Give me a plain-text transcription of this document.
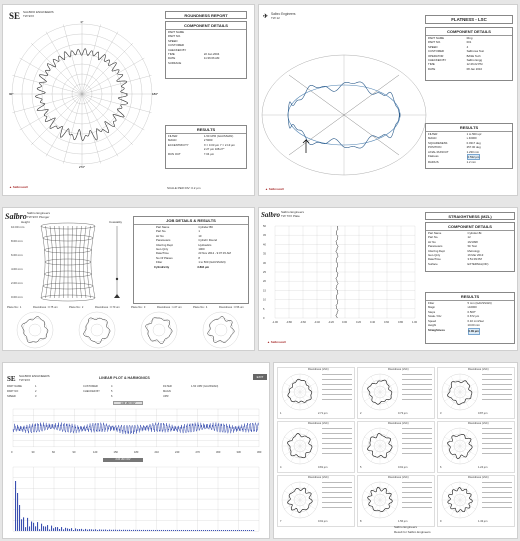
SE SALBRO ENGINEERS
TW 9XX
0°
90°	180°
270°
ROUNDNESS REPORT
COMPONENT DETAILS
PART NAME
PART NO.
SPEED
CUSTOMER
CHECKED BY
TIME	22 Jan 2004
DATE	11:36:06 AM
SURFACE
RESULTS
FILTER	1-50 UPR (GAUSSIAN)
MAGN	2 5000
ECCENTRICITY	X = 0.03 µm Y = 2.13 µm
2.27 µm 108.27°
RUN OUT	7.04 µm
SCALE PER DIV: 0.2 µm
▲ Salbrowell
✈ Salbro Engineers
TW 12	FLATNESS - LSC
COMPONENT DETAILS
PART NAME	Ring
PART NO.	001
SPEED	4
CUSTOMER	Salbrows Test
OPERATOR	BASE Tech
CHECKED BY	Salbro Engg
TIME	12:46:22 PM
DATE	08 Jan 2010
RESULTS
FILTER	1 to 500 upr
MAGN	x 40000
SQUARENESS	0.0317 deg
POSITION	257.00 deg
AXIAL RUNOUT	1.230 mm
Flatness	0.532 µm
RADIUS	1.2 mm
▲ Salbrowell
Salbro Salbro Engineers
TW 9XX Plunger
Height	Coaxiality
10.00 mm
8.00 mm
6.00 mm
4.00 mm
2.00 mm
0.00 mm
JOB DETAILS & RESULTS
Part Name	Cylinder BK
Part No.	1
Hz No	10
Parameters	Cylindrr Round
Inferring Dept	Hydraulics
Gen-Qnty	1000
Date/Time	23 Nov 2012 - 9:07:15 AM
No Of Planes	8
Filter	1 to 500 (GAUSSIAN)
Cylindricity	3.894 µm
Plane No.: 1	Roundness : 0.75 um	Plane No.: 2	Roundness : 0.70 um	Plane No.: 3	Roundness : 1.07 um	Plane No.: 4	Roundness : 0.56 um
Salbro Salbro Engineers
TW 7XX Plate
50
45
40
35
30
25
20
15
10
5
0
-1.00	-0.80	-0.60	-0.40	-0.20	0.00	0.20	0.40	0.60	0.80	1.00
STRAIGHTNESS (MZL)
COMPONENT DETAILS
Part Name	Cylinder 8k
Part No.	12
Hz No	16/1098
Parameters	Sh Test
Inferring Dept	Metrology
Gen-Qnty	16 Mar 2013
Date/Time	3:51:09 PM
Surface	EXTERNAL(OD)
RESULTS
Filter	5 mm (GAUSSIAN)
Magn	x10000
Steps	0.500*
Scale / Div	0.672 µm
Speed	0.10 mm/Sec
Height	10.00 mm
Straightness	0.09 µm
▲ Salbrowell
SE SALBRO ENGINEERS
TW 9XX	LINEAR PLOT & HARMONICS	EXIT
PART NAME	1	CUSTOMER	4	FILTER	1-50 UPR (GAUSSIAN)
PART NO	2	CHECKED BY	5	MAGN
SPEED	3	6	UPR
1.00 UM / DIV
0	30	60	90	120	150	180	210	240	270	300	330	360
2.00 UM / DIV
Roundness (LSC)
1	2.71 µm
Roundness (LSC)
2	0.73 µm
Roundness (LSC)
3	0.87 µm
Roundness (LSC)
4	0.81 µm
Roundness (LSC)
5	0.91 µm
Roundness (LSC)
6	1.24 µm
Roundness (LSC)
7	0.91 µm
Roundness (LSC)
8	1.56 µm
Roundness (LSC)
9	1.43 µm
Salbro Engineers
Result for Salbro Engineers
